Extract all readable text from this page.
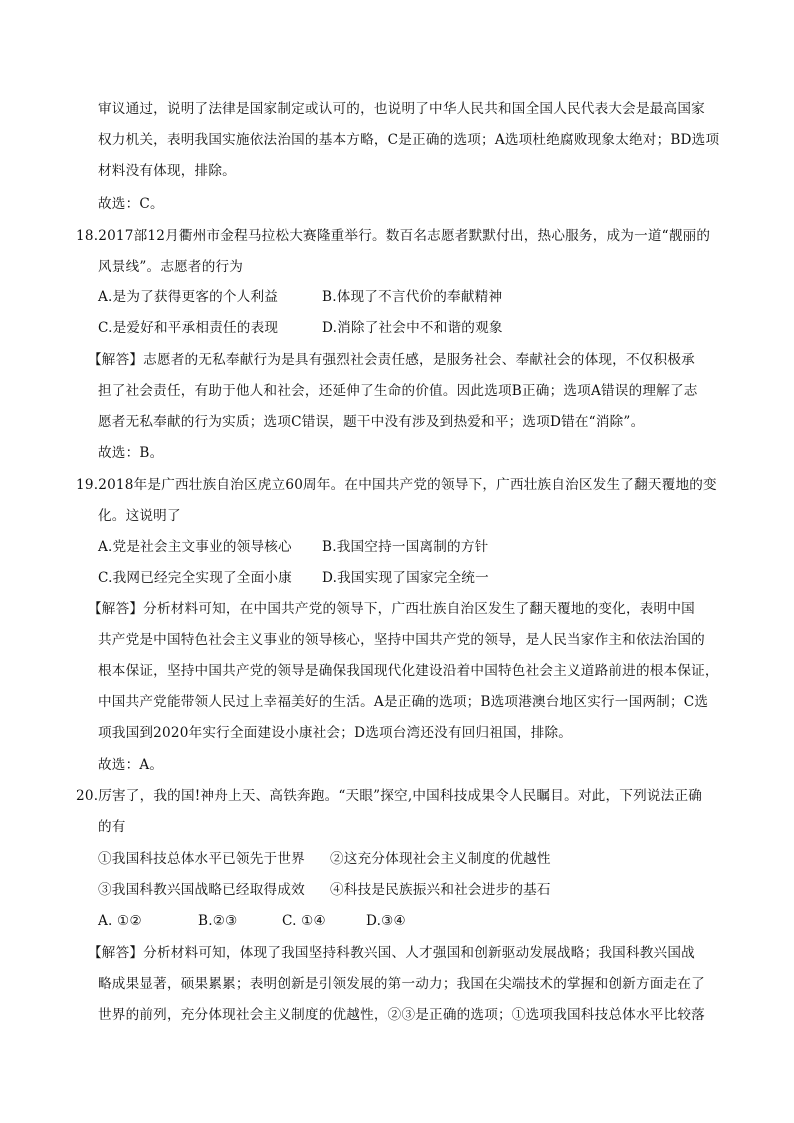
审议通过，说明了法律是国家制定或认可的，也说明了中华人民共和国全国人民代表大会是最高国家
权力机关，表明我国实施依法治国的基本方略，C是正确的选项；A选项杜绝腐败现象太绝对；BD选项
材料没有体现，排除。
故选：C。
18.2017部12月衢州市金程马拉松大赛隆重举行。数百名志愿者默默付出，热心服务，成为一道“靓丽的
风景线”。志愿者的行为
A.是为了获得更客的个人利益	B.体现了不言代价的奉献精神
C.是爱好和平承相责任的表现	D.消除了社会中不和谐的观象
【解答】志愿者的无私奉献行为是具有强烈社会责任感，是服务社会、奉献社会的体现，不仅积极承
担了社会责任，有助于他人和社会，还延伸了生命的价值。因此选项B正确；选项A错误的理解了志
愿者无私奉献的行为实质；选项C错误，题干中没有涉及到热爱和平；选项D错在“消除”。
故选：B。
19.2018年是广西壮族自治区虎立60周年。在中国共产党的领导下，广西壮族自治区发生了翻天覆地的变
化。这说明了
A.党是社会主文事业的领导核心 B.我国空持一国离制的方针
C.我网已经完全实现了全面小康 D.我国实现了国家完全统一
【解答】分析材料可知，在中国共产党的领导下，广西壮族自治区发生了翻天覆地的变化，表明中国
共产党是中国特色社会主义事业的领导核心，坚持中国共产党的领导，是人民当家作主和依法治国的
根本保证，坚持中国共产党的领导是确保我国现代化建设沿着中国特色社会主义道路前进的根本保证，
中国共产党能带领人民过上幸福美好的生活。A是正确的选项；B选项港澳台地区实行一国两制；C选
项我国到2020年实行全面建设小康社会；D选项台湾还没有回归祖国，排除。
故选：A。
20.厉害了，我的国!神舟上天、高铁奔跑。“天眼”探空,中国科技成果令人民瞩目。对此，下列说法正确
的有
①我国科技总体水平已领先于世界 ②这充分体现社会主义制度的优越性
③我国科教兴国战略已经取得成效 ④科技是民族振兴和社会进步的基石
A. ①②	B.②③	C. ①④	D.③④
【解答】分析材料可知，体现了我国坚持科教兴国、人才强国和创新驱动发展战略；我国科教兴国战
略成果显著，硕果累累；表明创新是引领发展的第一动力；我国在尖端技术的掌握和创新方面走在了
世界的前列，充分体现社会主义制度的优越性，②③是正确的选项；①选项我国科技总体水平比较落
